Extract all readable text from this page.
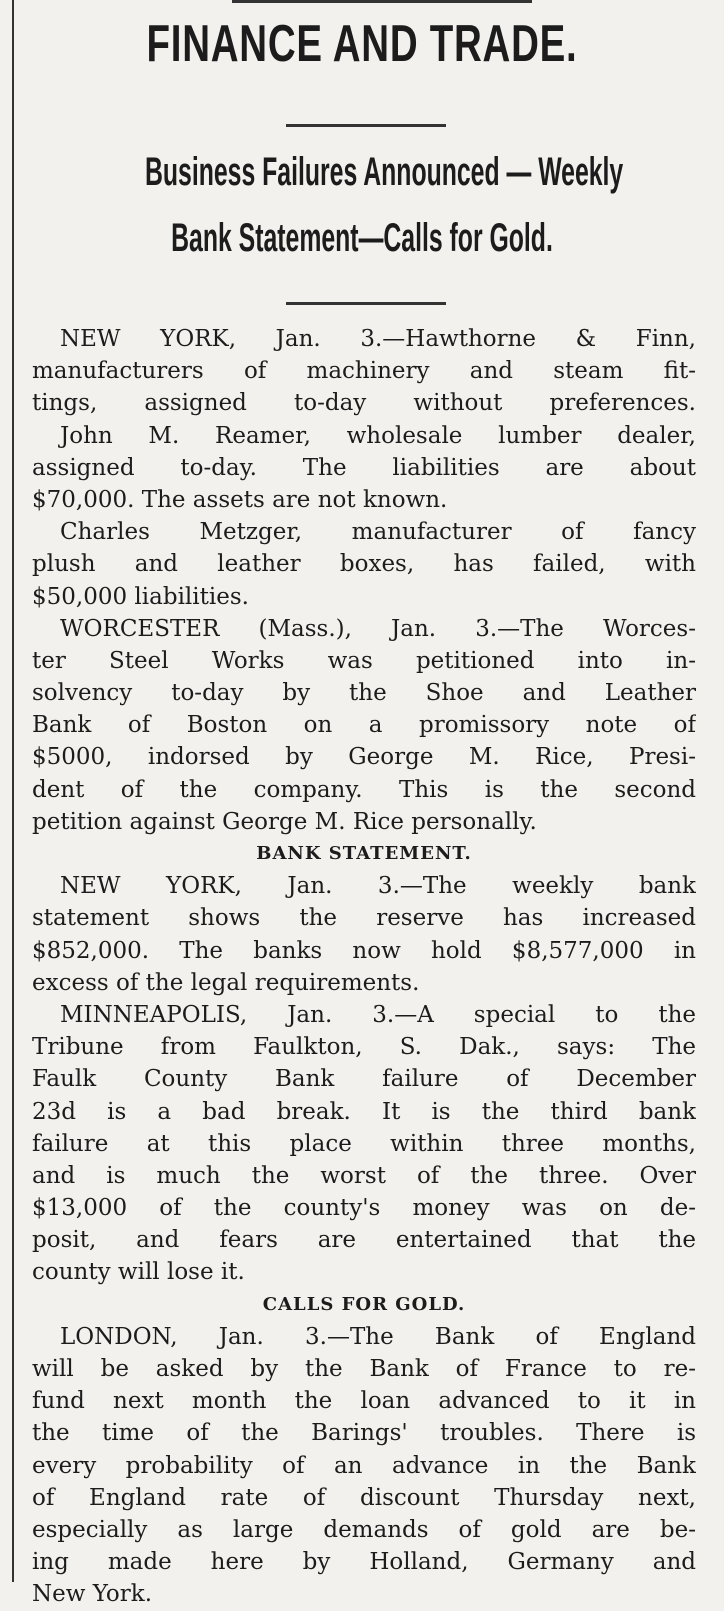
FINANCE AND TRADE.
Business Failures Announced — Weekly
Bank Statement—Calls for Gold.
NEW YORK, Jan. 3.—Hawthorne & Finn,
manufacturers of machinery and steam fit-
tings, assigned to-day without preferences.
John M. Reamer, wholesale lumber dealer,
assigned to-day. The liabilities are about
$70,000. The assets are not known.
Charles Metzger, manufacturer of fancy
plush and leather boxes, has failed, with
$50,000 liabilities.
WORCESTER (Mass.), Jan. 3.—The Worces-
ter Steel Works was petitioned into in-
solvency to-day by the Shoe and Leather
Bank of Boston on a promissory note of
$5000, indorsed by George M. Rice, Presi-
dent of the company. This is the second
petition against George M. Rice personally.
BANK STATEMENT.
NEW YORK, Jan. 3.—The weekly bank
statement shows the reserve has increased
$852,000. The banks now hold $8,577,000 in
excess of the legal requirements.
MINNEAPOLIS, Jan. 3.—A special to the
Tribune from Faulkton, S. Dak., says: The
Faulk County Bank failure of December
23d is a bad break. It is the third bank
failure at this place within three months,
and is much the worst of the three. Over
$13,000 of the county's money was on de-
posit, and fears are entertained that the
county will lose it.
CALLS FOR GOLD.
LONDON, Jan. 3.—The Bank of England
will be asked by the Bank of France to re-
fund next month the loan advanced to it in
the time of the Barings' troubles. There is
every probability of an advance in the Bank
of England rate of discount Thursday next,
especially as large demands of gold are be-
ing made here by Holland, Germany and
New York.
